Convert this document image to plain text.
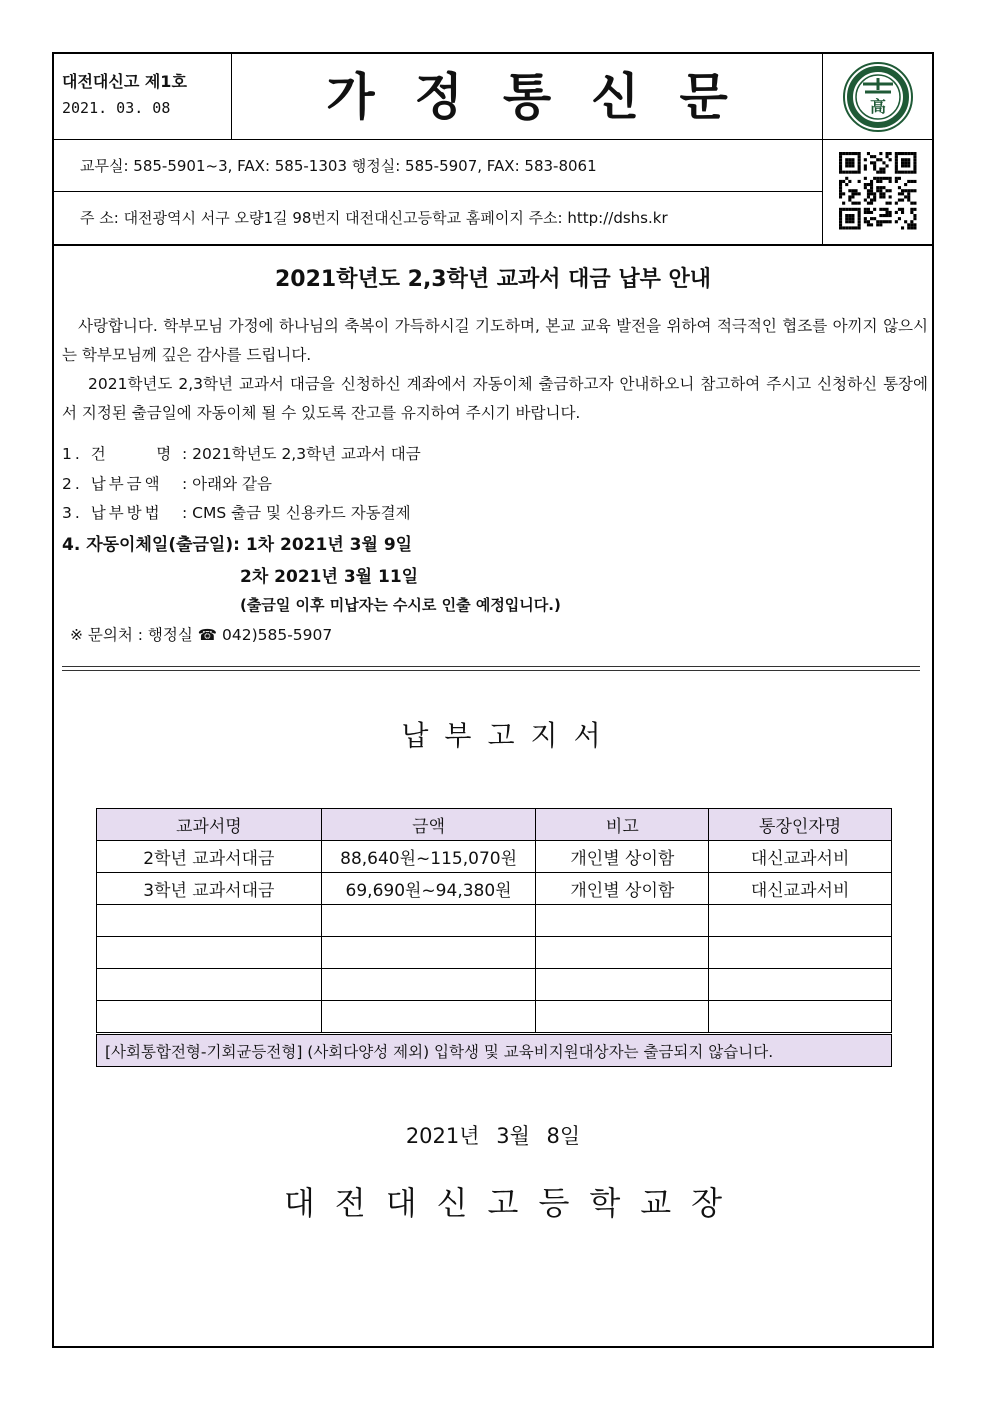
대전대신고 제1호
2021. 03. 08	가정통신문	高
교무실: 585-5901~3, FAX: 585-1303 행정실: 585-5907, FAX: 583-8061
주 소: 대전광역시 서구 오량1길 98번지 대전대신고등학교 홈페이지 주소: http://dshs.kr
2021학년도 2,3학년 교과서 대금 납부 안내
사랑합니다. 학부모님 가정에 하나님의 축복이 가득하시길 기도하며, 본교 교육 발전을 위하여 적극적인 협조를 아끼지 않으시는 학부모님께 깊은 감사를 드립니다.
2021학년도 2,3학년 교과서 대금을 신청하신 계좌에서 자동이체 출금하고자 안내하오니 참고하여 주시고 신청하신 통장에서 지정된 출금일에 자동이체 될 수 있도록 잔고를 유지하여 주시기 바랍니다.
1. 건      명 : 2021학년도 2,3학년 교과서 대금
2. 납부금액 : 아래와 같음
3. 납부방법 : CMS 출금 및 신용카드 자동결제
4. 자동이체일(출금일): 1차 2021년 3월 9일
2차 2021년 3월 11일
(출금일 이후 미납자는 수시로 인출 예정입니다.)
※ 문의처 : 행정실 ☎ 042)585-5907
납부고지서
교과서명	금액	비고	통장인자명
2학년 교과서대금	88,640원~115,070원	개인별 상이함	대신교과서비
3학년 교과서대금	69,690원~94,380원	개인별 상이함	대신교과서비

[사회통합전형-기회균등전형] (사회다양성 제외) 입학생 및 교육비지원대상자는 출금되지 않습니다.			
2021년 3월 8일
대전대신고등학교장
